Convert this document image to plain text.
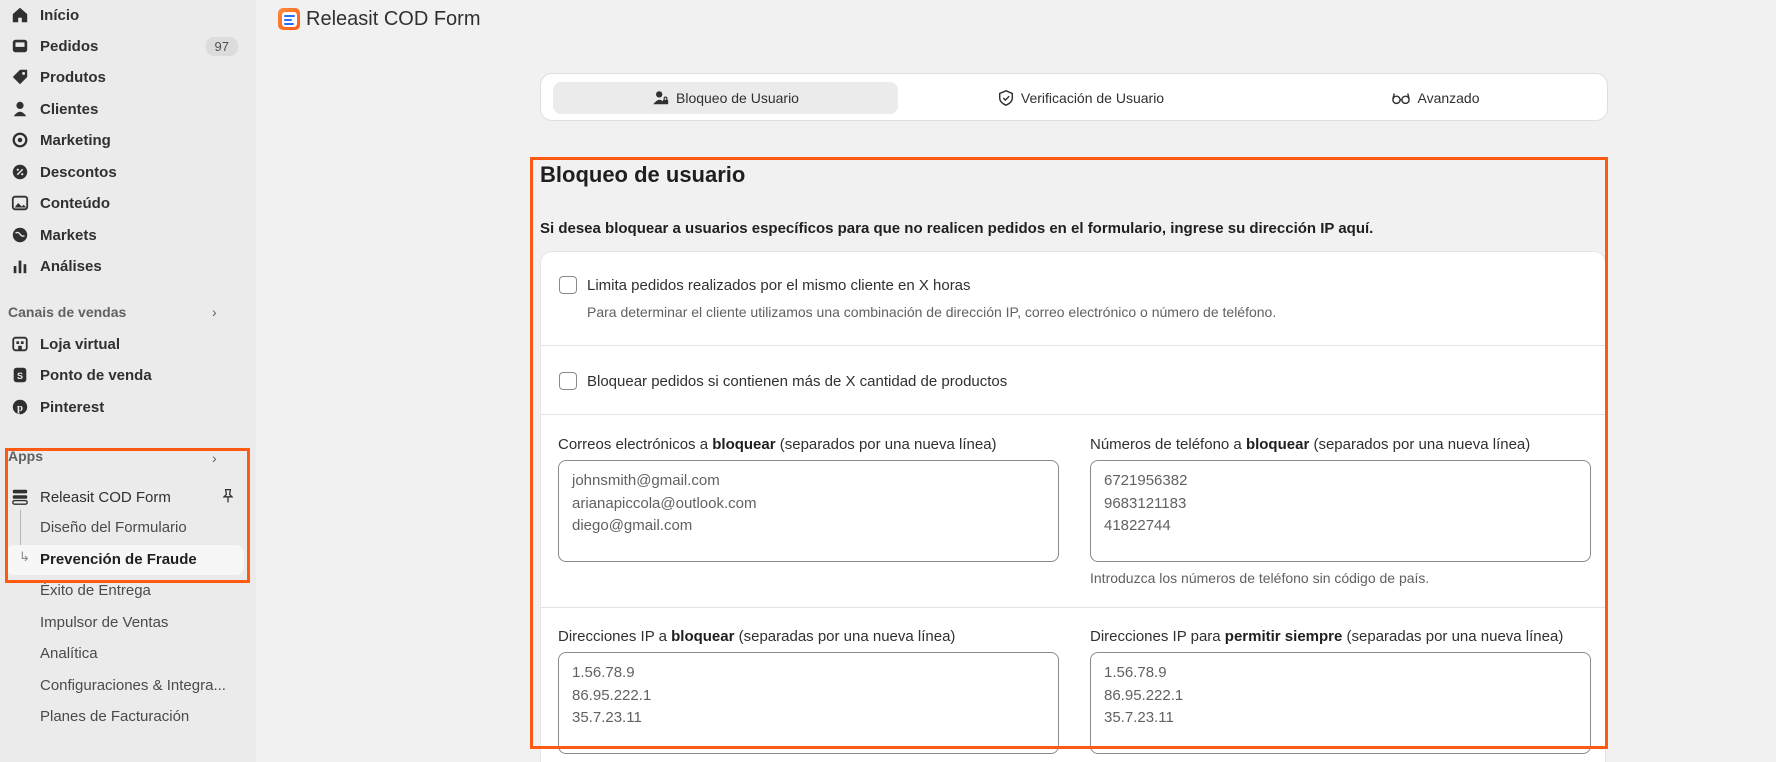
Início
Pedidos	97
Produtos
Clientes
Marketing
Descontos
Conteúdo
Markets
Análises
Canais de vendas	›
Loja virtual
S Ponto de venda
p Pinterest
Apps	›
Releasit COD Form
↳
Diseño del Formulario
Prevención de Fraude
Éxito de Entrega
Impulsor de Ventas
Analítica
Configuraciones & Integra...
Planes de Facturación
Releasit COD Form
Bloqueo de Usuario	Verificación de Usuario	Avanzado
Bloqueo de usuario
Si desea bloquear a usuarios específicos para que no realicen pedidos en el formulario, ingrese su dirección IP aquí.
Limita pedidos realizados por el mismo cliente en X horas
Para determinar el cliente utilizamos una combinación de dirección IP, correo electrónico o número de teléfono.
Bloquear pedidos si contienen más de X cantidad de productos
Correos electrónicos a bloquear (separados por una nueva línea)
johnsmith@gmail.com
arianapiccola@outlook.com
diego@gmail.com
Números de teléfono a bloquear (separados por una nueva línea)
6721956382
9683121183
41822744
Introduzca los números de teléfono sin código de país.
Direcciones IP a bloquear (separadas por una nueva línea)
1.56.78.9
86.95.222.1
35.7.23.11
Direcciones IP para permitir siempre (separadas por una nueva línea)
1.56.78.9
86.95.222.1
35.7.23.11
